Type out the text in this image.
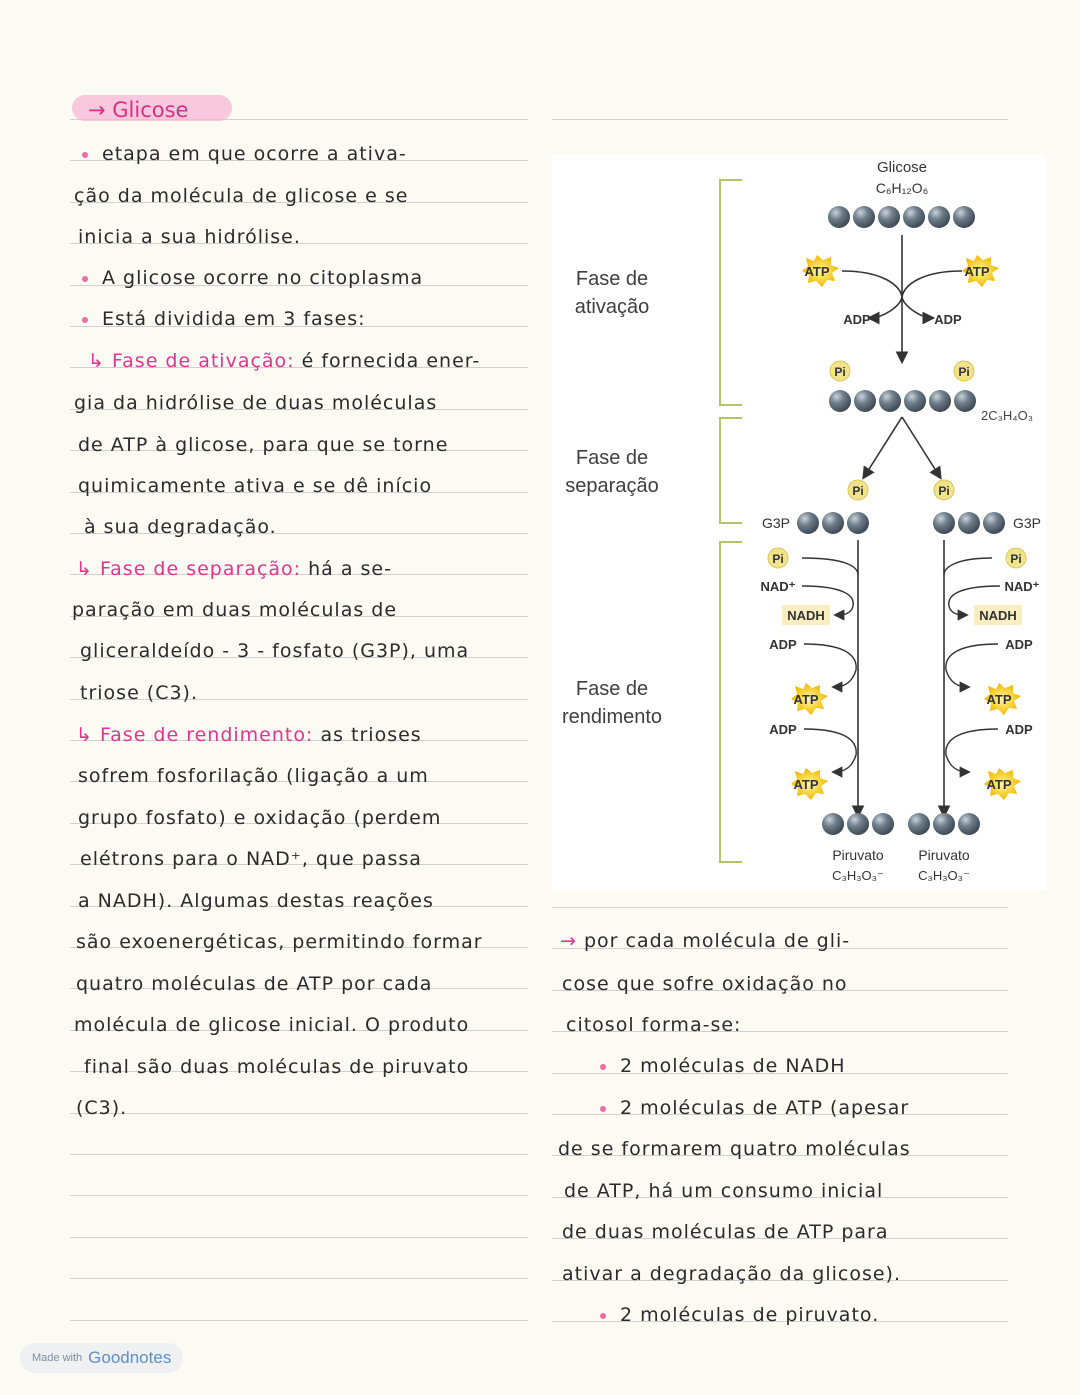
→ Glicose
etapa em que ocorre a ativa-
ção da molécula de glicose e se
inicia a sua hidrólise.
A glicose ocorre no citoplasma
Está dividida em 3 fases:
↳ Fase de ativação: é fornecida ener-
gia da hidrólise de duas moléculas
de ATP à glicose, para que se torne
quimicamente ativa e se dê início
à sua degradação.
↳ Fase de separação: há a se-
paração em duas moléculas de
gliceraldeído - 3 - fosfato (G3P), uma
triose (C3).
↳ Fase de rendimento: as trioses
sofrem fosforilação (ligação a um
grupo fosfato) e oxidação (perdem
elétrons para o NAD⁺, que passa
a NADH). Algumas destas reações
são exoenergéticas, permitindo formar
quatro moléculas de ATP por cada
molécula de glicose inicial. O produto
final são duas moléculas de piruvato
(C3).
→ por cada molécula de gli-
cose que sofre oxidação no
citosol forma-se:
2 moléculas de NADH
2 moléculas de ATP (apesar
de se formarem quatro moléculas
de ATP, há um consumo inicial
de duas moléculas de ATP para
ativar a degradação da glicose).
2 moléculas de piruvato.
Fase de ativação
Fase de separação
Fase de rendimento
Glicose
C₆H₁₂O₆
ATP	ATP
ADP	ADP
Pi	Pi
2C₃H₄O₃
Pi
G3P
Pi
G3P
Pi
NAD⁺
NADH
ADP
ATP
ADP
ATP
Pi
NAD⁺
NADH
ADP
ATP
ADP
ATP
Piruvato
C₃H₃O₃⁻
Piruvato
C₃H₃O₃⁻
Made with Goodnotes
